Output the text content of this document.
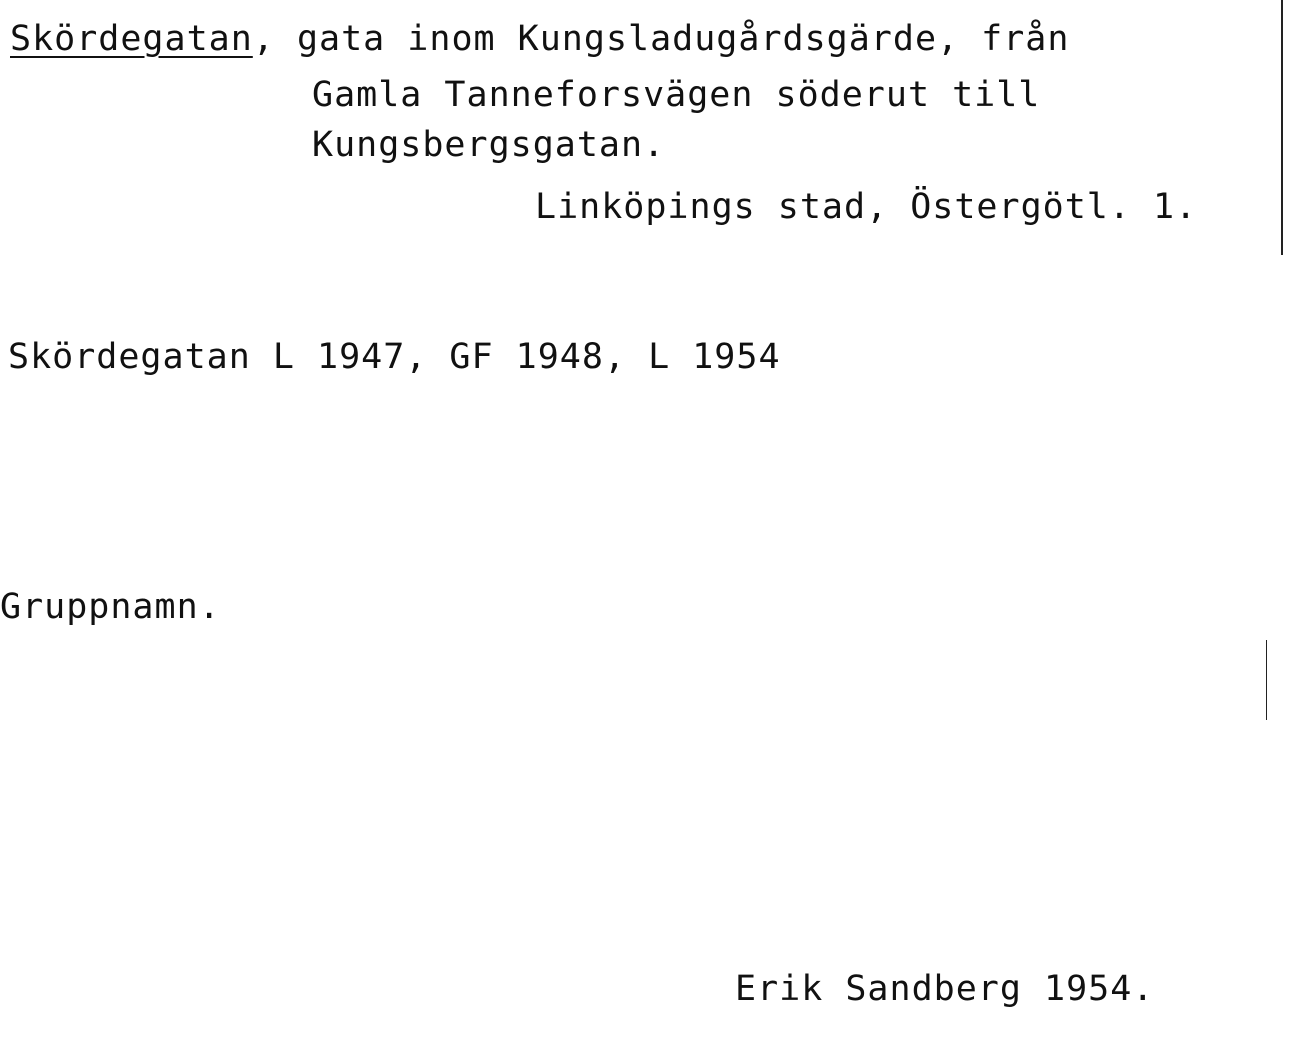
Skördegatan, gata inom Kungsladugårdsgärde, från
Gamla Tanneforsvägen söderut till
Kungsbergsgatan.
Linköpings stad, Östergötl. 1.
Skördegatan L 1947, GF 1948, L 1954
Gruppnamn.
Erik Sandberg 1954.
